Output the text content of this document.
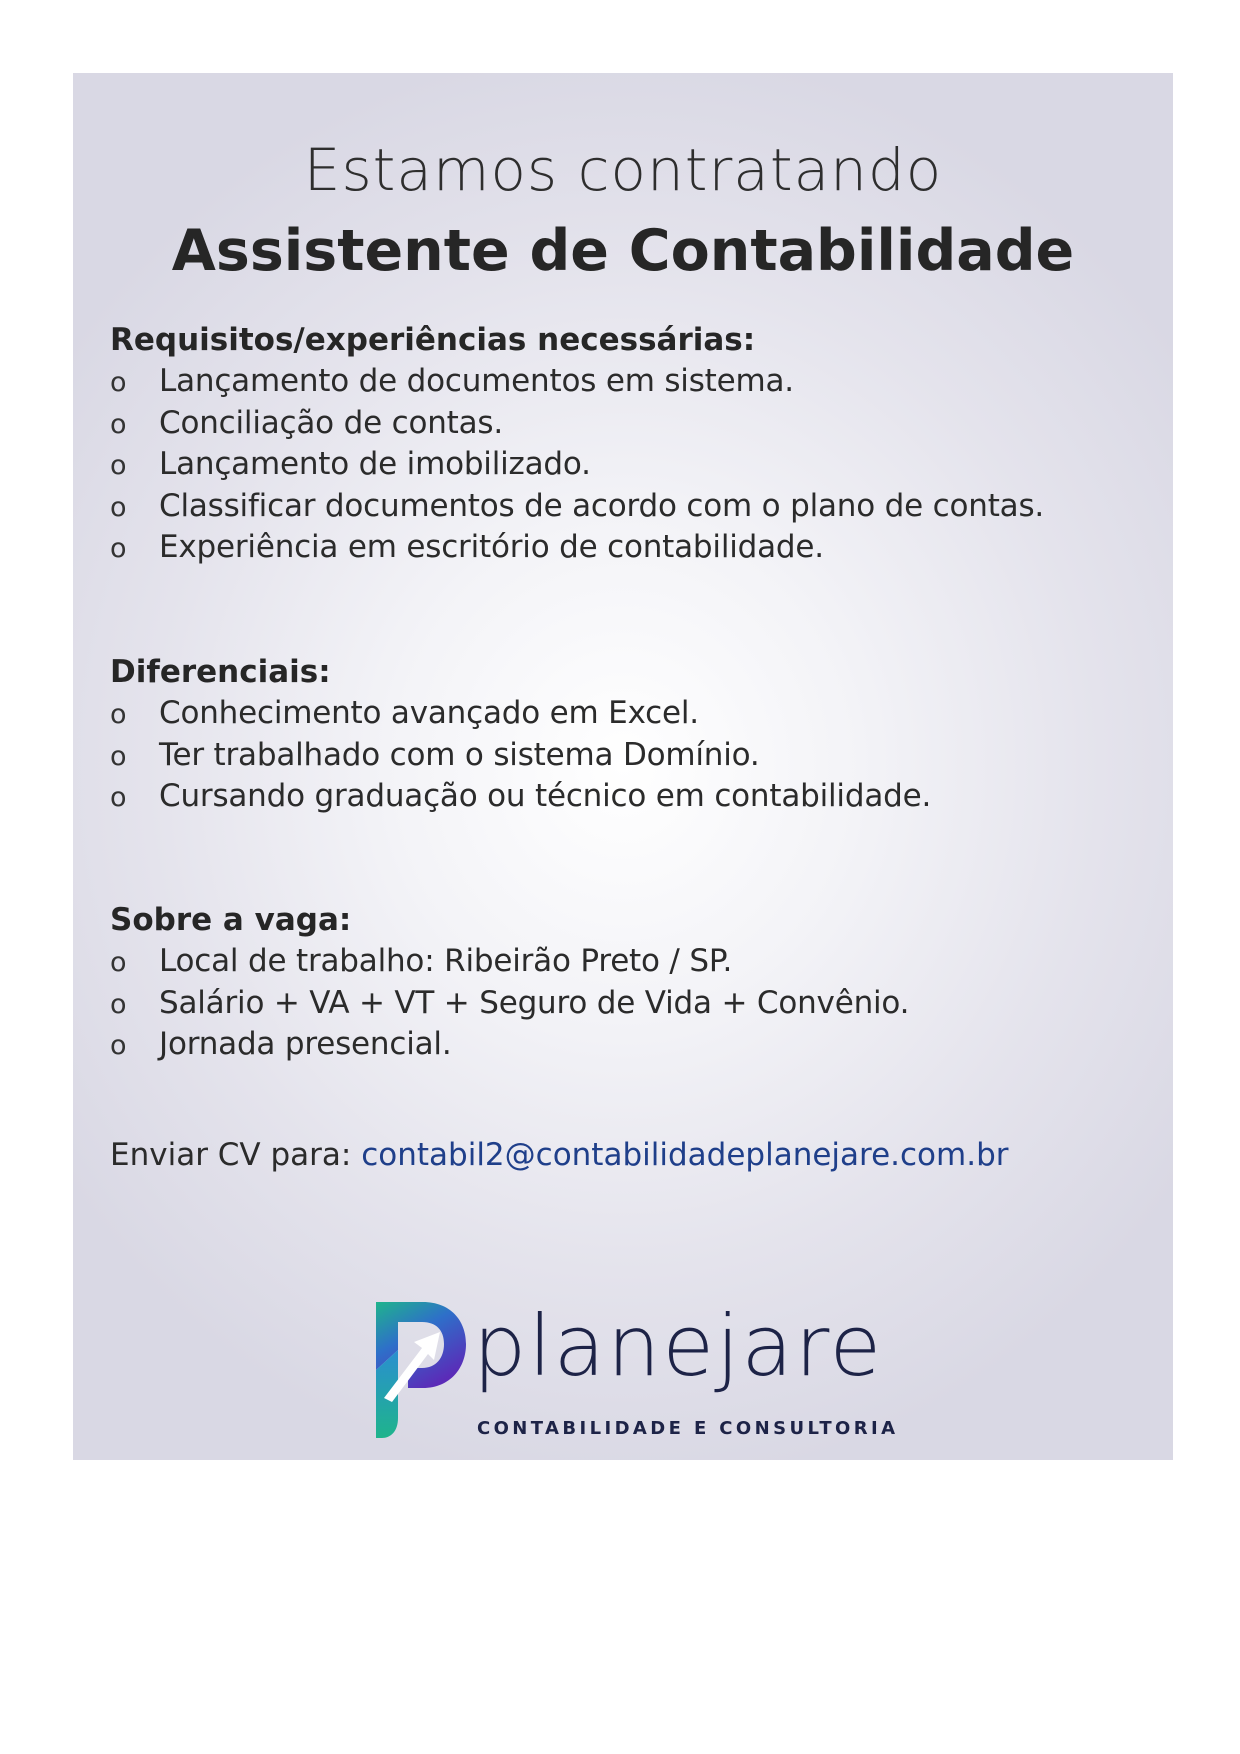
Estamos contratando
Assistente de Contabilidade
Requisitos/experiências necessárias:
o	Lançamento de documentos em sistema.
o	Conciliação de contas.
o	Lançamento de imobilizado.
o	Classificar documentos de acordo com o plano de contas.
o	Experiência em escritório de contabilidade.
Diferenciais:
o	Conhecimento avançado em Excel.
o	Ter trabalhado com o sistema Domínio.
o	Cursando graduação ou técnico em contabilidade.
Sobre a vaga:
o	Local de trabalho: Ribeirão Preto / SP.
o	Salário + VA + VT + Seguro de Vida + Convênio.
o	Jornada presencial.
Enviar CV para: contabil2@contabilidadeplanejare.com.br
planejare
CONTABILIDADE E CONSULTORIA
